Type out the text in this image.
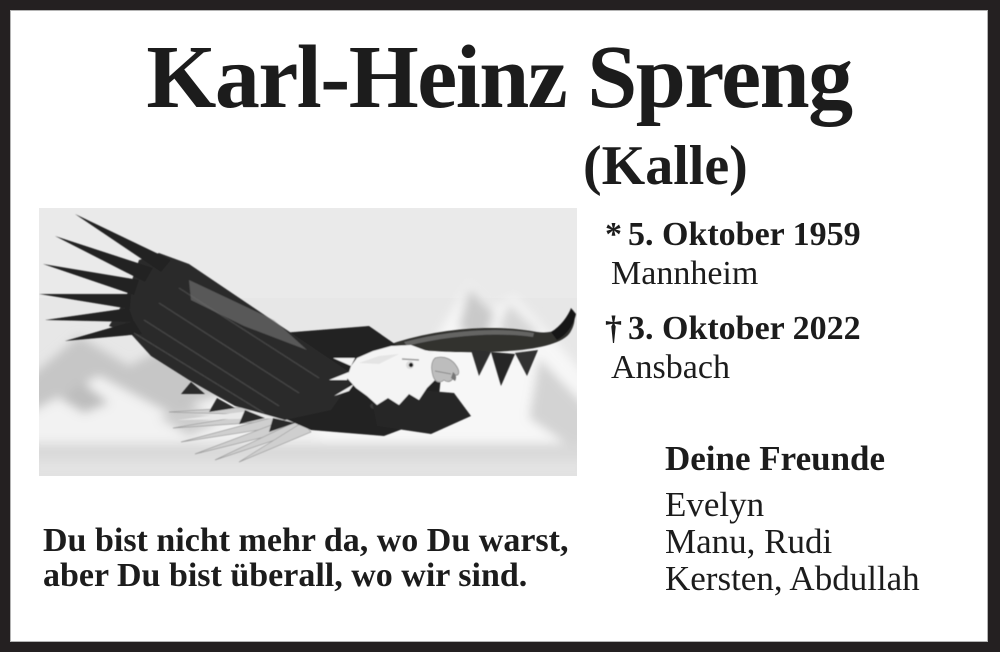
Karl-Heinz Spreng
(Kalle)
* 5. Oktober 1959
Mannheim
† 3. Oktober 2022
Ansbach
Deine Freunde
Evelyn
Manu, Rudi
Kersten, Abdullah
Du bist nicht mehr da, wo Du warst,
aber Du bist überall, wo wir sind.
